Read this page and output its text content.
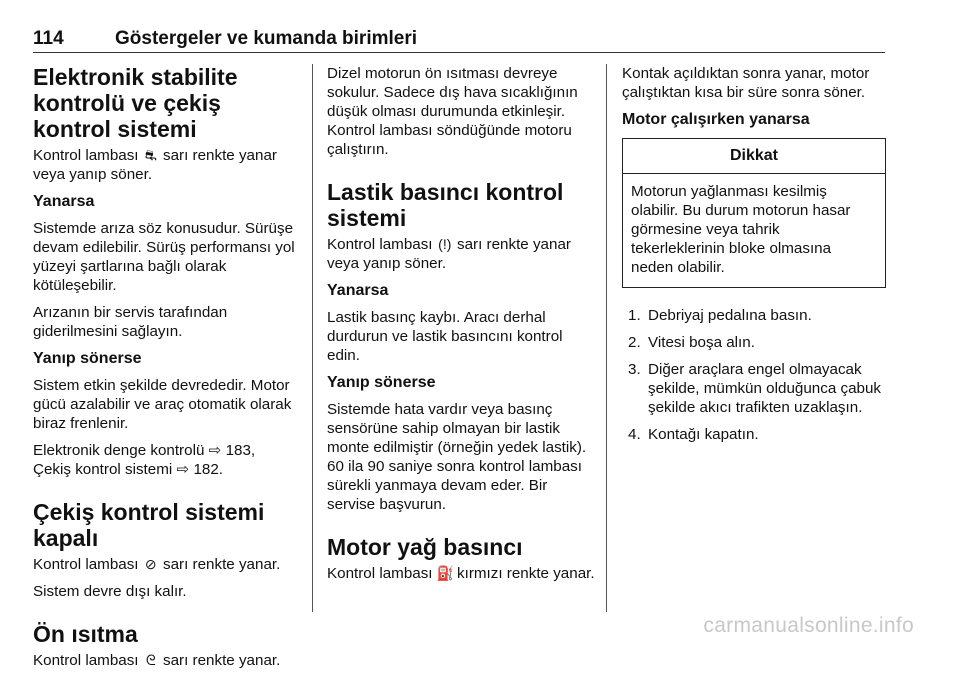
114	Göstergeler ve kumanda birimleri
Elektronik stabilite kontrolü ve çekiş kontrol sistemi

Kontrol lambası ⛐ sarı renkte yanar veya yanıp söner.

Yanarsa

Sistemde arıza söz konusudur. Sürüşe devam edilebilir. Sürüş performansı yol yüzeyi şartlarına bağlı olarak kötüleşebilir.

Arızanın bir servis tarafından giderilmesini sağlayın.

Yanıp sönerse

Sistem etkin şekilde devrededir. Motor gücü azalabilir ve araç otomatik olarak biraz frenlenir.

Elektronik denge kontrolü ⇨ 183,
Çekiş kontrol sistemi ⇨ 182.

Çekiş kontrol sistemi kapalı

Kontrol lambası ⊘ sarı renkte yanar.

Sistem devre dışı kalır.

Ön ısıtma

Kontrol lambası ᘓ sarı renkte yanar.

Dizel motorun ön ısıtması devreye sokulur. Sadece dış hava sıcaklığının düşük olması durumunda etkinleşir. Kontrol lambası söndüğünde motoru çalıştırın.

Lastik basıncı kontrol sistemi

Kontrol lambası (!) sarı renkte yanar veya yanıp söner.

Yanarsa

Lastik basınç kaybı. Aracı derhal durdurun ve lastik basıncını kontrol edin.

Yanıp sönerse

Sistemde hata vardır veya basınç sensörüne sahip olmayan bir lastik monte edilmiştir (örneğin yedek lastik). 60 ila 90 saniye sonra kontrol lambası sürekli yanmaya devam eder. Bir servise başvurun.

Motor yağ basıncı

Kontrol lambası ⛽ kırmızı renkte yanar.

Kontak açıldıktan sonra yanar, motor çalıştıktan kısa bir süre sonra söner.

Motor çalışırken yanarsa
Dikkat
Motorun yağlanması kesilmiş olabilir. Bu durum motorun hasar görmesine veya tahrik tekerleklerinin bloke olmasına neden olabilir.
1. Debriyaj pedalına basın.
2. Vitesi boşa alın.
3. Diğer araçlara engel olmayacak şekilde, mümkün olduğunca çabuk şekilde akıcı trafikten uzaklaşın.
4. Kontağı kapatın.
carmanualsonline.info
